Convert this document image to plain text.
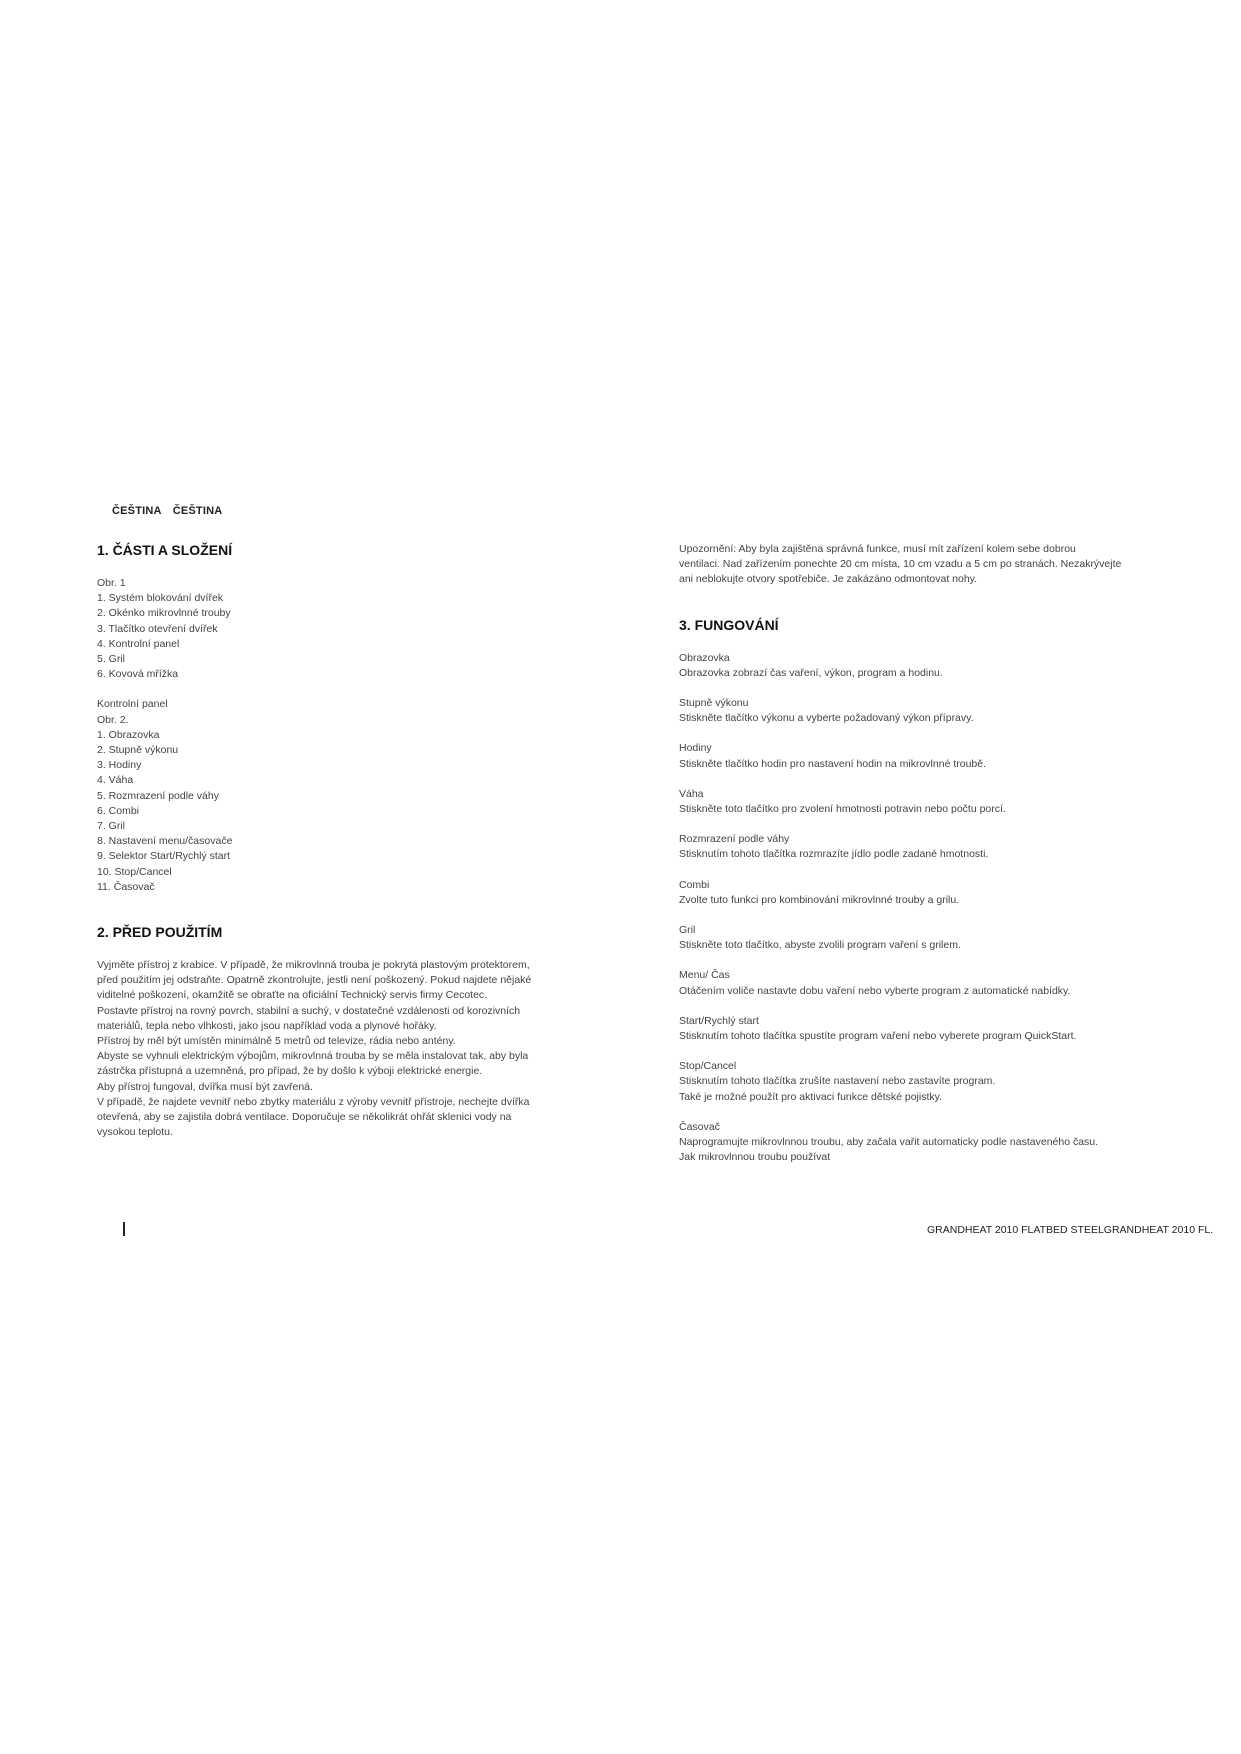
ČEŠTINA ČEŠTINA
1. ČÁSTI A SLOŽENÍ
Obr. 1
1. Systém blokování dvířek
2. Okénko mikrovlnné trouby
3. Tlačítko otevření dvířek
4. Kontrolní panel
5. Gril
6. Kovová mřížka
Kontrolní panel
Obr. 2.
1. Obrazovka
2. Stupně výkonu
3. Hodiny
4. Váha
5. Rozmrazení podle váhy
6. Combi
7. Gril
8. Nastavení menu/časovače
9. Selektor Start/Rychlý start
10. Stop/Cancel
11. Časovač
2. PŘED POUŽITÍM
Vyjměte přístroj z krabice. V případě, že mikrovlnná trouba je pokryta plastovým protektorem,
před použitím jej odstraňte. Opatrně zkontrolujte, jestli není poškozený. Pokud najdete nějaké
viditelné poškození, okamžitě se obraťte na oficiální Technický servis firmy Cecotec.
Postavte přístroj na rovný povrch, stabilní a suchý, v dostatečné vzdálenosti od korozivních
materiálů, tepla nebo vlhkosti, jako jsou například voda a plynové hořáky.
Přístroj by měl být umístěn minimálně 5 metrů od televize, rádia nebo antény.
Abyste se vyhnuli elektrickým výbojům, mikrovlnná trouba by se měla instalovat tak, aby byla
zástrčka přístupná a uzemněná, pro případ, že by došlo k výboji elektrické energie.
Aby přístroj fungoval, dvířka musí být zavřená.
V případě, že najdete vevnitř nebo zbytky materiálu z výroby vevnitř přístroje, nechejte dvířka
otevřená, aby se zajistila dobrá ventilace. Doporučuje se několikrát ohřát sklenici vody na
vysokou teplotu.
Upozornění: Aby byla zajištěna správná funkce, musí mít zařízení kolem sebe dobrou
ventilaci. Nad zařízením ponechte 20 cm místa, 10 cm vzadu a 5 cm po stranách. Nezakrývejte
ani neblokujte otvory spotřebiče. Je zakázáno odmontovat nohy.
3. FUNGOVÁNÍ
Obrazovka
Obrazovka zobrazí čas vaření, výkon, program a hodinu.
Stupně výkonu
Stiskněte tlačítko výkonu a vyberte požadovaný výkon přípravy.
Hodiny
Stiskněte tlačítko hodin pro nastavení hodin na mikrovlnné troubě.
Váha
Stiskněte toto tlačítko pro zvolení hmotnosti potravin nebo počtu porcí.
Rozmrazení podle váhy
Stisknutím tohoto tlačítka rozmrazíte jídlo podle zadané hmotnosti.
Combi
Zvolte tuto funkci pro kombinování mikrovlnné trouby a grilu.
Gril
Stiskněte toto tlačítko, abyste zvolili program vaření s grilem.
Menu/ Čas
Otáčením voliče nastavte dobu vaření nebo vyberte program z automatické nabídky.
Start/Rychlý start
Stisknutím tohoto tlačítka spustíte program vaření nebo vyberete program QuickStart.
Stop/Cancel
Stisknutím tohoto tlačítka zrušíte nastavení nebo zastavíte program.
Také je možné použít pro aktivaci funkce dětské pojistky.
Časovač
Naprogramujte mikrovlnnou troubu, aby začala vařit automaticky podle nastaveného času.
Jak mikrovlnnou troubu používat
GRANDHEAT 2010 FLATBED STEELGRANDHEAT 2010 FL.
